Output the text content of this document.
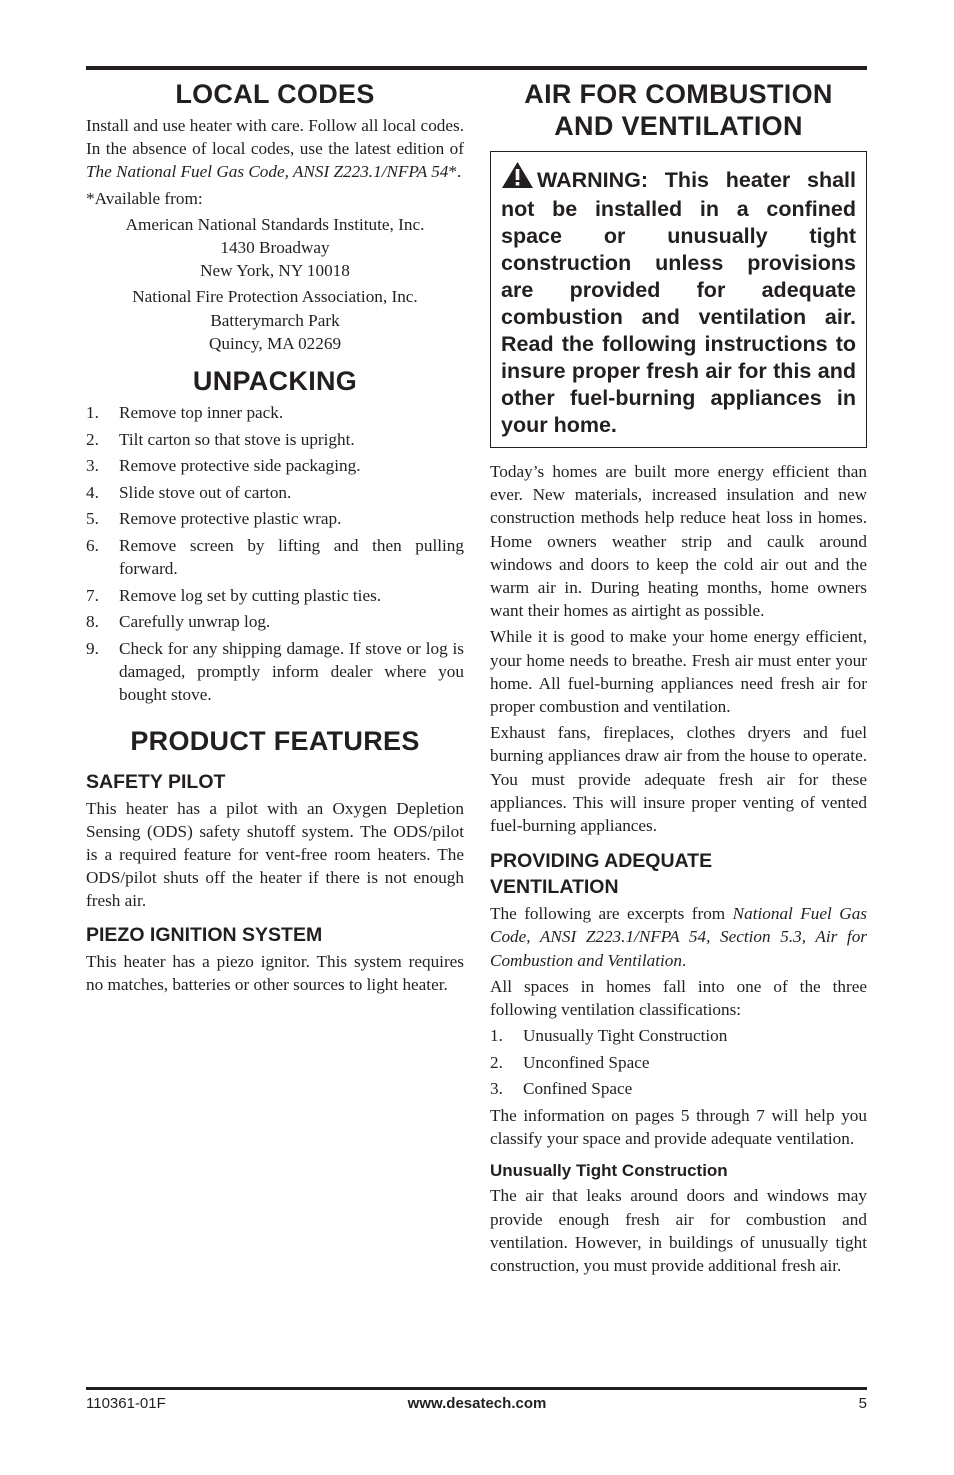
LOCAL CODES

Install and use heater with care. Follow all local codes. In the absence of local codes, use the latest edition of The National Fuel Gas Code, ANSI Z223.1/NFPA 54*.

*Available from:

American National Standards Institute, Inc.
1430 Broadway
New York, NY 10018

National Fire Protection Association, Inc.
Batterymarch Park
Quincy, MA 02269

UNPACKING
1. Remove top inner pack.
2. Tilt carton so that stove is upright.
3. Remove protective side packaging.
4. Slide stove out of carton.
5. Remove protective plastic wrap.
6. Remove screen by lifting and then pulling forward.
7. Remove log set by cutting plastic ties.
8. Carefully unwrap log.
9. Check for any shipping damage. If stove or log is damaged, promptly inform dealer where you bought stove.
PRODUCT FEATURES
SAFETY PILOT

This heater has a pilot with an Oxygen Depletion Sensing (ODS) safety shutoff system. The ODS/pilot is a required feature for vent-free room heaters. The ODS/pilot shuts off the heater if there is not enough fresh air.

PIEZO IGNITION SYSTEM

This heater has a piezo ignitor. This system requires no matches, batteries or other sources to light heater.

AIR FOR COMBUSTION
AND VENTILATION

WARNING: This heater shall not be installed in a confined space or unusually tight construction unless provisions are provided for adequate combustion and ventilation air. Read the following instructions to insure proper fresh air for this and other fuel-burning appliances in your home.

Today’s homes are built more energy efficient than ever. New materials, increased insulation and new construction methods help reduce heat loss in homes. Home owners weather strip and caulk around windows and doors to keep the cold air out and the warm air in. During heating months, home owners want their homes as airtight as possible.

While it is good to make your home energy efficient, your home needs to breathe. Fresh air must enter your home. All fuel-burning appliances need fresh air for proper combustion and ventilation.

Exhaust fans, fireplaces, clothes dryers and fuel burning appliances draw air from the house to operate. You must provide adequate fresh air for these appliances. This will insure proper venting of vented fuel-burning appliances.

PROVIDING ADEQUATE
VENTILATION

The following are excerpts from National Fuel Gas Code, ANSI Z223.1/NFPA 54, Section 5.3, Air for Combustion and Ventilation.

All spaces in homes fall into one of the three following ventilation classifications:

1. Unusually Tight Construction
2. Unconfined Space
3. Confined Space

The information on pages 5 through 7 will help you classify your space and provide adequate ventilation.

Unusually Tight Construction

The air that leaks around doors and windows may provide enough fresh air for combustion and ventilation. However, in buildings of unusually tight construction, you must provide additional fresh air.

110361-01F	www.desatech.com	5
